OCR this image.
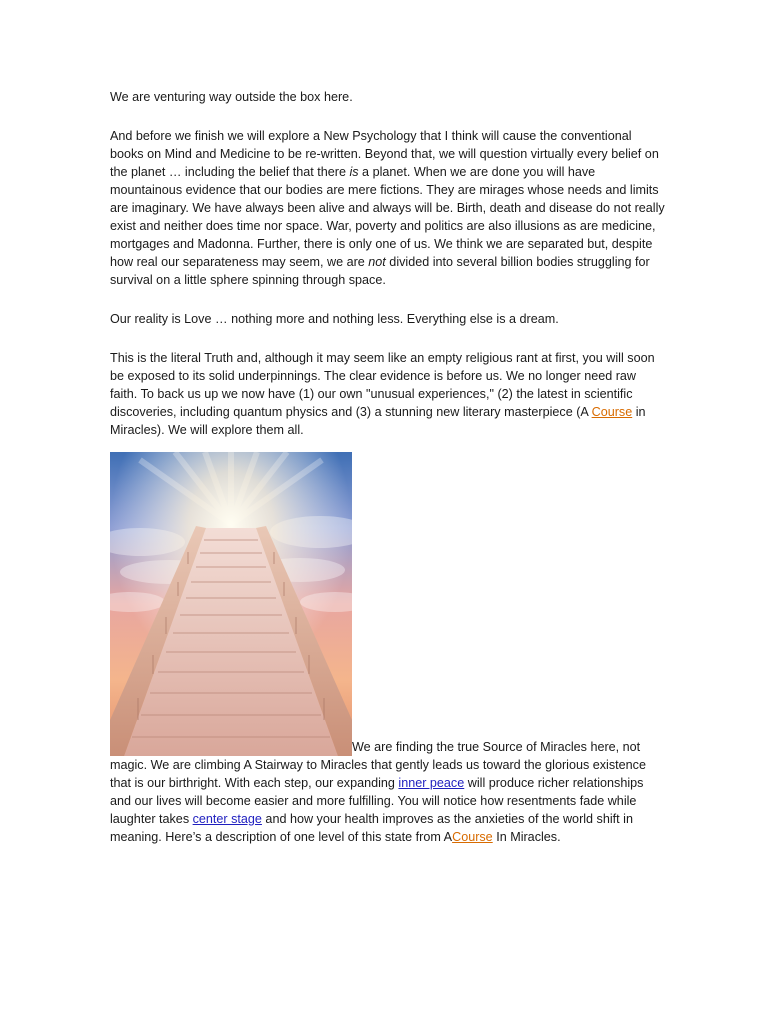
We are venturing way outside the box here.

And before we finish we will explore a New Psychology that I think will cause the conventional books on Mind and Medicine to be re-written. Beyond that, we will question virtually every belief on the planet … including the belief that there is a planet. When we are done you will have mountainous evidence that our bodies are mere fictions. They are mirages whose needs and limits are imaginary. We have always been alive and always will be. Birth, death and disease do not really exist and neither does time nor space. War, poverty and politics are also illusions as are medicine, mortgages and Madonna. Further, there is only one of us. We think we are separated but, despite how real our separateness may seem, we are not divided into several billion bodies struggling for survival on a little sphere spinning through space.

Our reality is Love … nothing more and nothing less. Everything else is a dream.

This is the literal Truth and, although it may seem like an empty religious rant at first, you will soon be exposed to its solid underpinnings. The clear evidence is before us. We no longer need raw faith. To back us up we now have (1) our own "unusual experiences," (2) the latest in scientific discoveries, including quantum physics and (3) a stunning new literary masterpiece (A Course in Miracles). We will explore them all.

We are finding the true Source of Miracles here, not magic. We are climbing A Stairway to Miracles that gently leads us toward the glorious existence that is our birthright. With each step, our expanding inner peace will produce richer relationships and our lives will become easier and more fulfilling. You will notice how resentments fade while laughter takes center stage and how your health improves as the anxieties of the world shift in meaning. Here’s a description of one level of this state from ACourse In Miracles.
